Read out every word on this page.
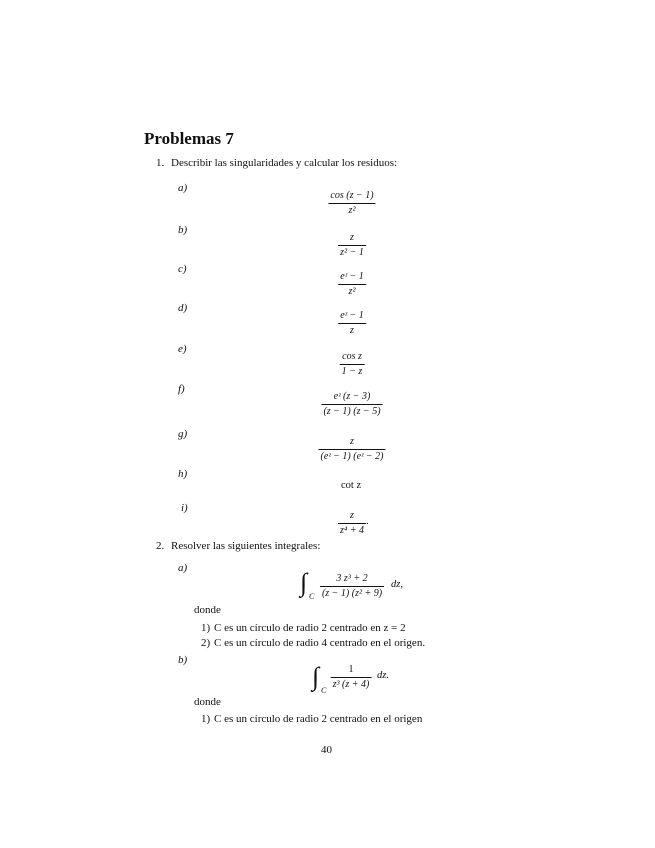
Problemas 7
1. Describir las singularidades y calcular los residuos:
a)
cos (z − 1)
z²
b)
z
z² − 1
c)
eᶻ − 1
z²
d)
eᶻ − 1
z
e)
cos z
1 − z
f)
eᶻ (z − 3)
(z − 1) (z − 5)
g)
z
(eᶻ − 1) (eᶻ − 2)
h)
cot z
i)
z
z⁴ + 4
.
2. Resolver las siguientes integrales:
a)	∫ C
3 z³ + 2
(z − 1) (z² + 9)
dz,
donde
1) C es un círculo de radio 2 centrado en z = 2
2) C es un círculo de radio 4 centrado en el origen.
b)
∫ C
1
z³ (z + 4)
dz.
donde
1) C es un círculo de radio 2 centrado en el origen
40
